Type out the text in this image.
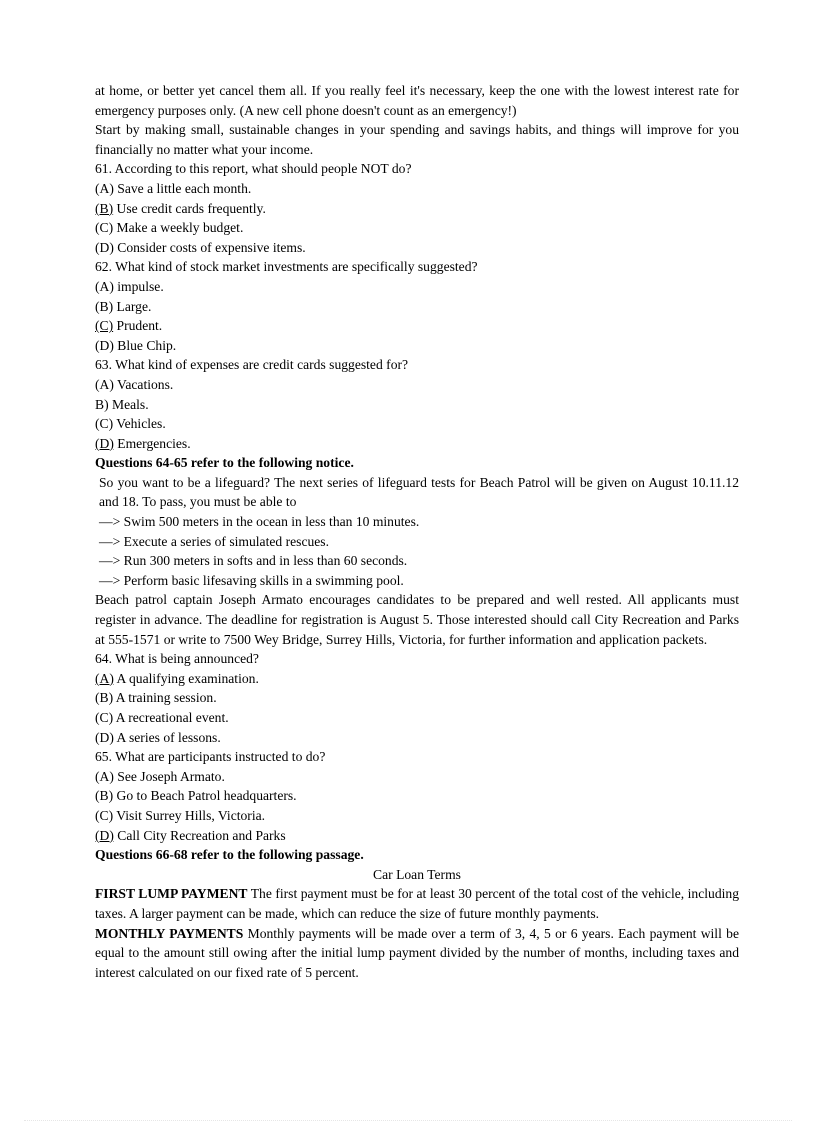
at home, or better yet cancel them all. If you really feel it's necessary, keep the one with the lowest interest rate for emergency purposes only. (A new cell phone doesn't count as an emergency!)

Start by making small, sustainable changes in your spending and savings habits, and things will improve for you financially no matter what your income.

61. According to this report, what should people NOT do?

(A) Save a little each month.

(B) Use credit cards frequently.

(C) Make a weekly budget.

(D) Consider costs of expensive items.

62. What kind of stock market investments are specifically suggested?

(A) impulse.

(B) Large.

(C) Prudent.

(D) Blue Chip.

63. What kind of expenses are credit cards suggested for?

(A) Vacations.

B) Meals.

(C) Vehicles.

(D) Emergencies.

Questions 64-65 refer to the following notice.

So you want to be a lifeguard? The next series of lifeguard tests for Beach Patrol will be given on August 10.11.12 and 18. To pass, you must be able to

—> Swim 500 meters in the ocean in less than 10 minutes.

—> Execute a series of simulated rescues.

—> Run 300 meters in softs and in less than 60 seconds.

—> Perform basic lifesaving skills in a swimming pool.

Beach patrol captain Joseph Armato encourages candidates to be prepared and well rested. All applicants must register in advance. The deadline for registration is August 5. Those interested should call City Recreation and Parks at 555-1571 or write to 7500 Wey Bridge, Surrey Hills, Victoria, for further information and application packets.

64. What is being announced?

(A) A qualifying examination.

(B) A training session.

(C) A recreational event.

(D) A series of lessons.

65. What are participants instructed to do?

(A) See Joseph Armato.

(B) Go to Beach Patrol headquarters.

(C) Visit Surrey Hills, Victoria.

(D) Call City Recreation and Parks

Questions 66-68 refer to the following passage.

Car Loan Terms

FIRST LUMP PAYMENT The first payment must be for at least 30 percent of the total cost of the vehicle, including taxes. A larger payment can be made, which can reduce the size of future monthly payments.

MONTHLY PAYMENTS Monthly payments will be made over a term of 3, 4, 5 or 6 years. Each payment will be equal to the amount still owing after the initial lump payment divided by the number of months, including taxes and interest calculated on our fixed rate of 5 percent.
